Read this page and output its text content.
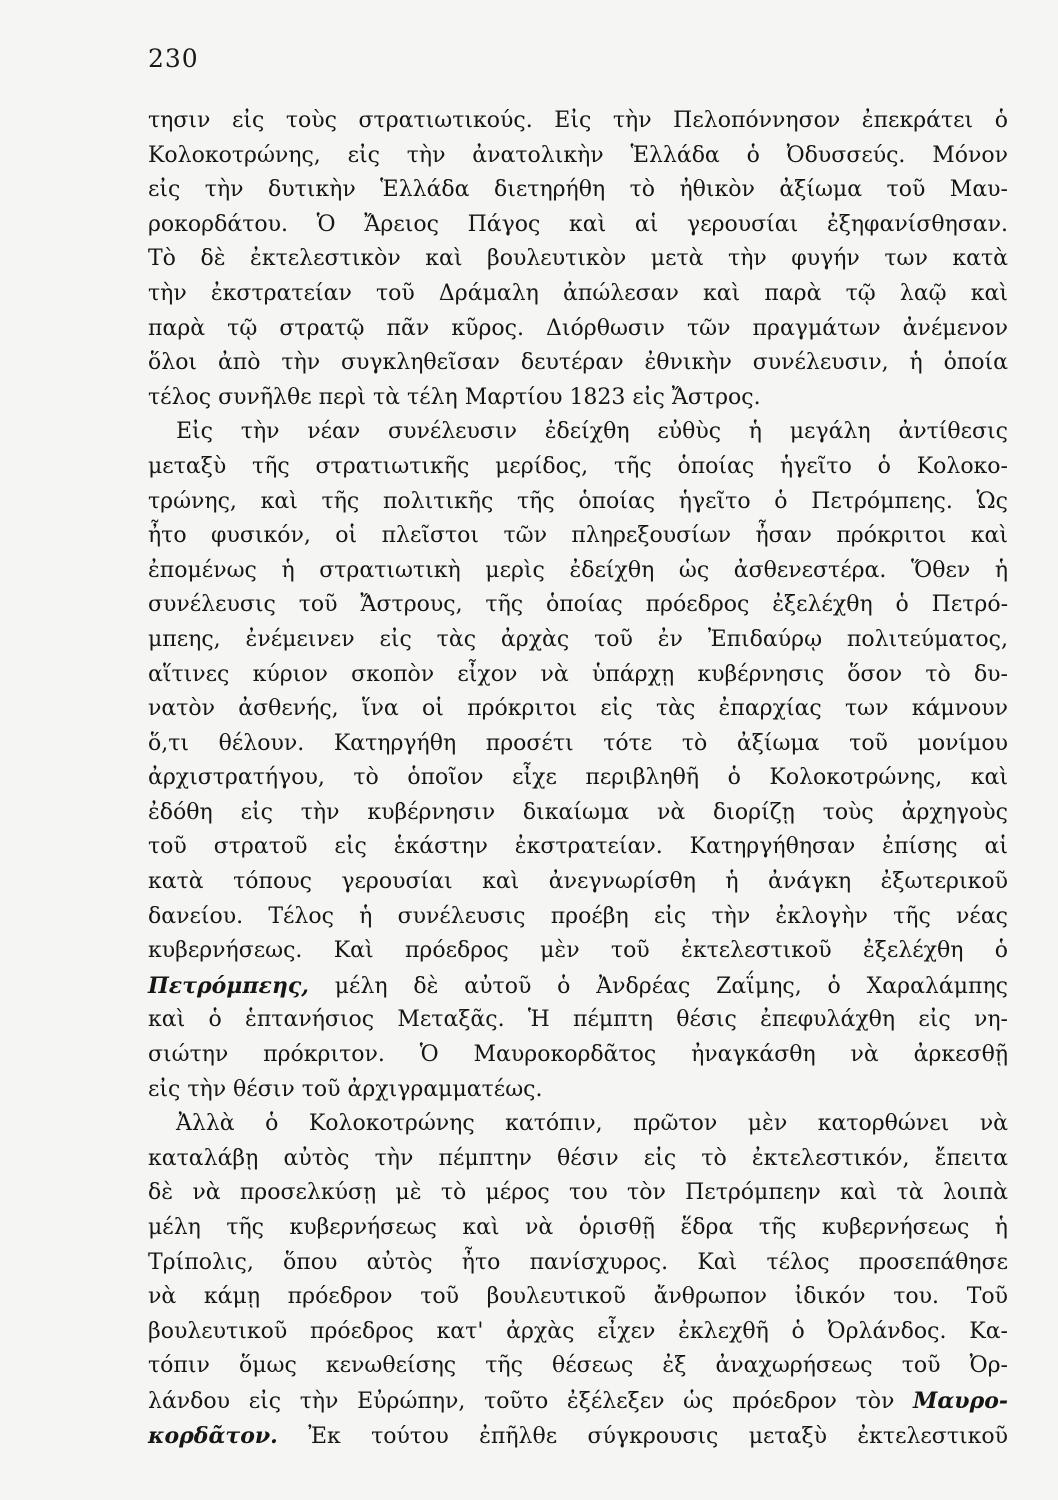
230
τησιν εἰς τοὺς στρατιωτικούς. Εἰς τὴν Πελοπόννησον ἐπεκράτει ὁ
Κολοκοτρώνης, εἰς τὴν ἀνατολικὴν Ἑλλάδα ὁ Ὀδυσσεύς. Μόνον
εἰς τὴν δυτικὴν Ἑλλάδα διετηρήθη τὸ ἠθικὸν ἀξίωμα τοῦ Μαυ-
ροκορδάτου. Ὁ Ἄρειος Πάγος καὶ αἱ γερουσίαι ἐξηφανίσθησαν.
Τὸ δὲ ἐκτελεστικὸν καὶ βουλευτικὸν μετὰ τὴν φυγήν των κατὰ
τὴν ἐκστρατείαν τοῦ Δράμαλη ἀπώλεσαν καὶ παρὰ τῷ λαῷ καὶ
παρὰ τῷ στρατῷ πᾶν κῦρος. Διόρθωσιν τῶν πραγμάτων ἀνέμενον
ὅλοι ἀπὸ τὴν συγκληθεῖσαν δευτέραν ἐθνικὴν συνέλευσιν, ἡ ὁποία
τέλος συνῆλθε περὶ τὰ τέλη Μαρτίου 1823 εἰς Ἄστρος.
Εἰς τὴν νέαν συνέλευσιν ἐδείχθη εὐθὺς ἡ μεγάλη ἀντίθεσις
μεταξὺ τῆς στρατιωτικῆς μερίδος, τῆς ὁποίας ἡγεῖτο ὁ Κολοκο-
τρώνης, καὶ τῆς πολιτικῆς τῆς ὁποίας ἡγεῖτο ὁ Πετρόμπεης. Ὡς
ἦτο φυσικόν, οἱ πλεῖστοι τῶν πληρεξουσίων ἦσαν πρόκριτοι καὶ
ἐπομένως ἡ στρατιωτικὴ μερὶς ἐδείχθη ὡς ἀσθενεστέρα. Ὅθεν ἡ
συνέλευσις τοῦ Ἄστρους, τῆς ὁποίας πρόεδρος ἐξελέχθη ὁ Πετρό-
μπεης, ἐνέμεινεν εἰς τὰς ἀρχὰς τοῦ ἐν Ἐπιδαύρῳ πολιτεύματος,
αἵτινες κύριον σκοπὸν εἶχον νὰ ὑπάρχῃ κυβέρνησις ὅσον τὸ δυ-
νατὸν ἀσθενής, ἵνα οἱ πρόκριτοι εἰς τὰς ἐπαρχίας των κάμνουν
ὅ,τι θέλουν. Κατηργήθη προσέτι τότε τὸ ἀξίωμα τοῦ μονίμου
ἀρχιστρατήγου, τὸ ὁποῖον εἶχε περιβληθῆ ὁ Κολοκοτρώνης, καὶ
ἐδόθη εἰς τὴν κυβέρνησιν δικαίωμα νὰ διορίζῃ τοὺς ἀρχηγοὺς
τοῦ στρατοῦ εἰς ἑκάστην ἐκστρατείαν. Κατηργήθησαν ἐπίσης αἱ
κατὰ τόπους γερουσίαι καὶ ἀνεγνωρίσθη ἡ ἀνάγκη ἐξωτερικοῦ
δανείου. Τέλος ἡ συνέλευσις προέβη εἰς τὴν ἐκλογὴν τῆς νέας
κυβερνήσεως. Καὶ πρόεδρος μὲν τοῦ ἐκτελεστικοῦ ἐξελέχθη ὁ
Πετρόμπεης, μέλη δὲ αὐτοῦ ὁ Ἀνδρέας Ζαΐμης, ὁ Χαραλάμπης
καὶ ὁ ἑπτανήσιος Μεταξᾶς. Ἡ πέμπτη θέσις ἐπεφυλάχθη εἰς νη-
σιώτην πρόκριτον. Ὁ Μαυροκορδᾶτος ἠναγκάσθη νὰ ἀρκεσθῇ
εἰς τὴν θέσιν τοῦ ἀρχιγραμματέως.
Ἀλλὰ ὁ Κολοκοτρώνης κατόπιν, πρῶτον μὲν κατορθώνει νὰ
καταλάβῃ αὐτὸς τὴν πέμπτην θέσιν εἰς τὸ ἐκτελεστικόν, ἔπειτα
δὲ νὰ προσελκύσῃ μὲ τὸ μέρος του τὸν Πετρόμπεην καὶ τὰ λοιπὰ
μέλη τῆς κυβερνήσεως καὶ νὰ ὁρισθῇ ἕδρα τῆς κυβερνήσεως ἡ
Τρίπολις, ὅπου αὐτὸς ἦτο πανίσχυρος. Καὶ τέλος προσεπάθησε
νὰ κάμῃ πρόεδρον τοῦ βουλευτικοῦ ἄνθρωπον ἰδικόν του. Τοῦ
βουλευτικοῦ πρόεδρος κατ' ἀρχὰς εἶχεν ἐκλεχθῆ ὁ Ὀρλάνδος. Κα-
τόπιν ὅμως κενωθείσης τῆς θέσεως ἐξ ἀναχωρήσεως τοῦ Ὀρ-
λάνδου εἰς τὴν Εὐρώπην, τοῦτο ἐξέλεξεν ὡς πρόεδρον τὸν Μαυρο-
κορδᾶτον. Ἐκ τούτου ἐπῆλθε σύγκρουσις μεταξὺ ἐκτελεστικοῦ
